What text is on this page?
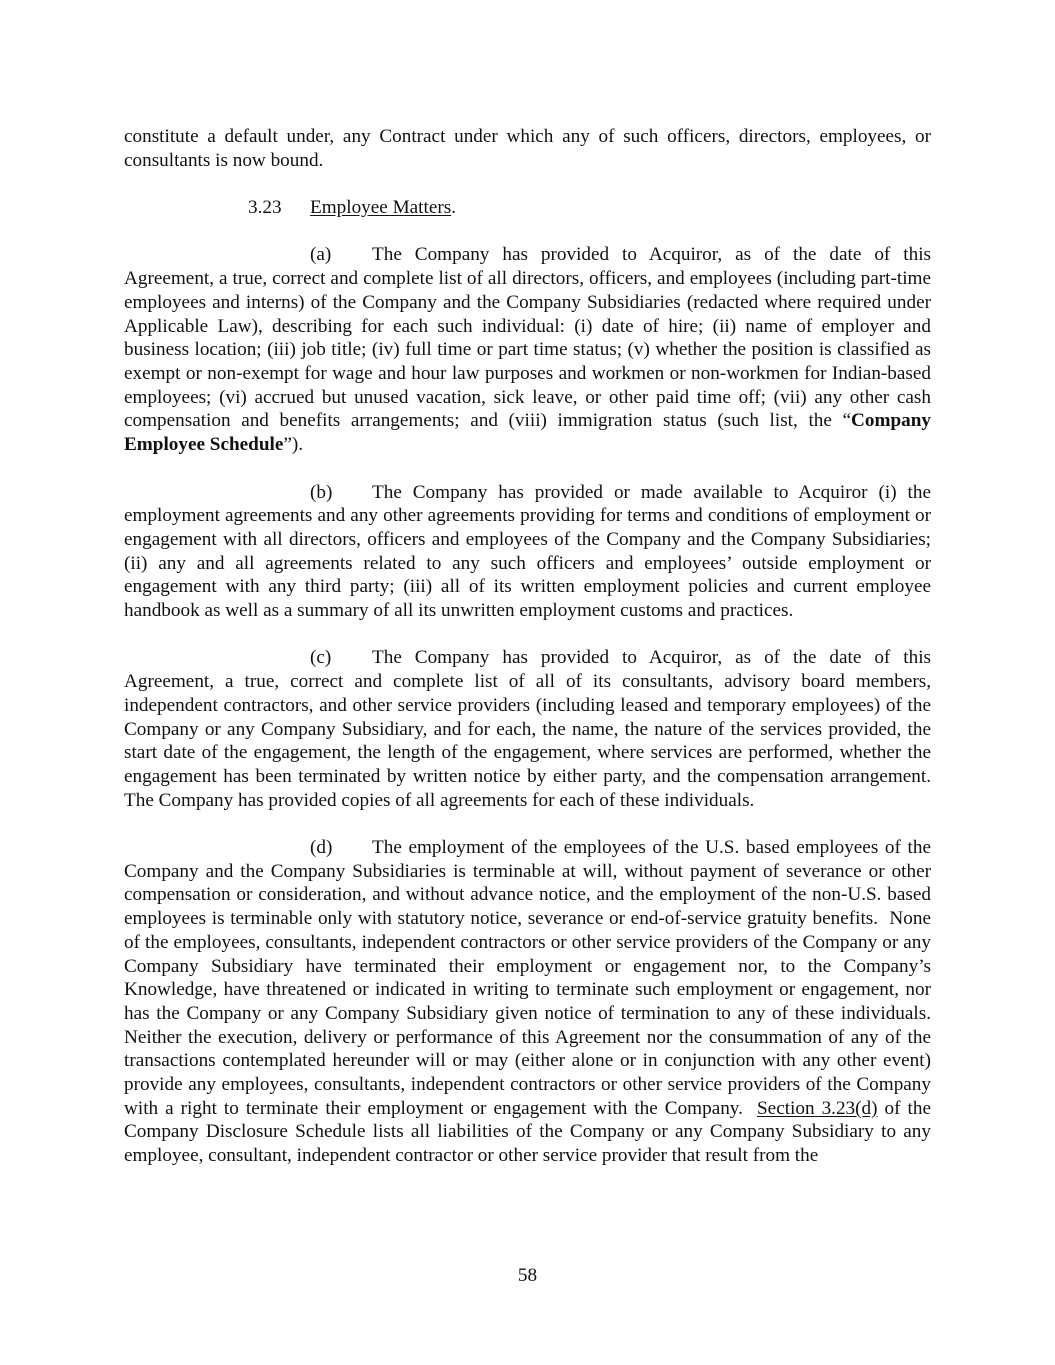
constitute a default under, any Contract under which any of such officers, directors, employees, or consultants is now bound.

3.23 Employee Matters.

(a) The Company has provided to Acquiror, as of the date of this Agreement, a true, correct and complete list of all directors, officers, and employees (including part-time employees and interns) of the Company and the Company Subsidiaries (redacted where required under Applicable Law), describing for each such individual: (i) date of hire; (ii) name of employer and business location; (iii) job title; (iv) full time or part time status; (v) whether the position is classified as exempt or non-exempt for wage and hour law purposes and workmen or non-workmen for Indian-based employees; (vi) accrued but unused vacation, sick leave, or other paid time off; (vii) any other cash compensation and benefits arrangements; and (viii) immigration status (such list, the “Company Employee Schedule”).

(b) The Company has provided or made available to Acquiror (i) the employment agreements and any other agreements providing for terms and conditions of employment or engagement with all directors, officers and employees of the Company and the Company Subsidiaries; (ii) any and all agreements related to any such officers and employees’ outside employment or engagement with any third party; (iii) all of its written employment policies and current employee handbook as well as a summary of all its unwritten employment customs and practices.

(c) The Company has provided to Acquiror, as of the date of this Agreement, a true, correct and complete list of all of its consultants, advisory board members, independent contractors, and other service providers (including leased and temporary employees) of the Company or any Company Subsidiary, and for each, the name, the nature of the services provided, the start date of the engagement, the length of the engagement, where services are performed, whether the engagement has been terminated by written notice by either party, and the compensation arrangement. The Company has provided copies of all agreements for each of these individuals.

(d) The employment of the employees of the U.S. based employees of the Company and the Company Subsidiaries is terminable at will, without payment of severance or other compensation or consideration, and without advance notice, and the employment of the non-U.S. based employees is terminable only with statutory notice, severance or end-of-service gratuity benefits.  None of the employees, consultants, independent contractors or other service providers of the Company or any Company Subsidiary have terminated their employment or engagement nor, to the Company’s Knowledge, have threatened or indicated in writing to terminate such employment or engagement, nor has the Company or any Company Subsidiary given notice of termination to any of these individuals.  Neither the execution, delivery or performance of this Agreement nor the consummation of any of the transactions contemplated hereunder will or may (either alone or in conjunction with any other event) provide any employees, consultants, independent contractors or other service providers of the Company with a right to terminate their employment or engagement with the Company.  Section 3.23(d) of the Company Disclosure Schedule lists all liabilities of the Company or any Company Subsidiary to any employee, consultant, independent contractor or other service provider that result from the

58
